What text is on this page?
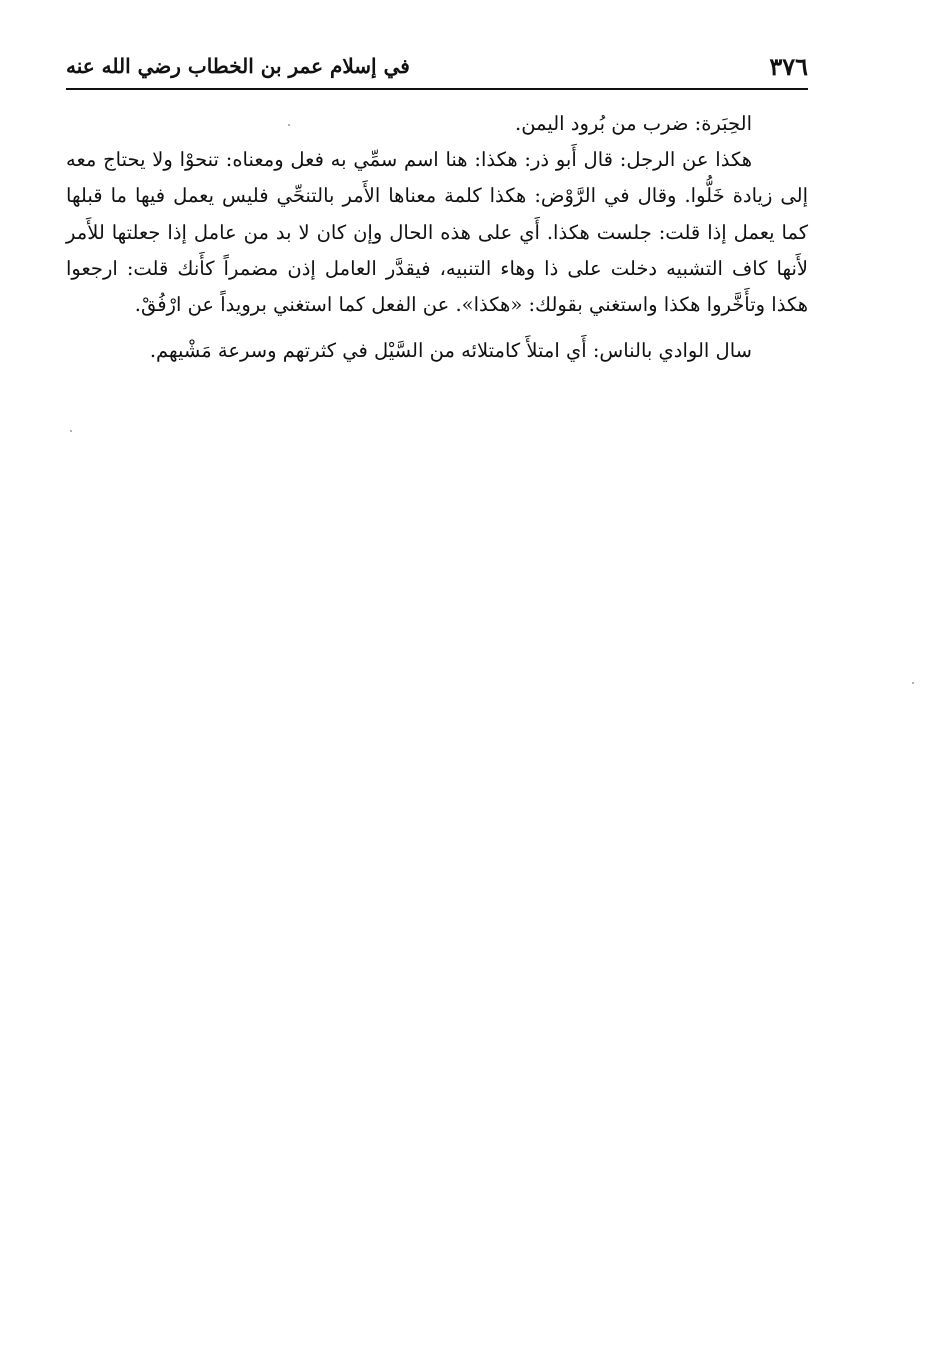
٣٧٦
في إسلام عمر بن الخطاب رضي الله عنه

الحِبَرة: ضرب من بُرود اليمن.

هكذا عن الرجل: قال أَبو ذر: هكذا: هنا اسم سمِّي به فعل ومعناه: تنحوْا ولا يحتاج معه إلى زيادة خَلُّوا. وقال في الرَّوْض: هكذا كلمة معناها الأَمر بالتنحِّي فليس يعمل فيها ما قبلها كما يعمل إذا قلت: جلست هكذا. أَي على هذه الحال وإن كان لا بد من عامل إذا جعلتها للأَمر لأَنها كاف التشبيه دخلت على ذا وهاء التنبيه، فيقدَّر العامل إذن مضمراً كأَنك قلت: ارجعوا هكذا وتأَخَّروا هكذا واستغني بقولك: «هكذا». عن الفعل كما استغني برويداً عن ارْفُقْ.

سال الوادي بالناس: أَي امتلأَ كامتلائه من السَّيْل في كثرتهم وسرعة مَشْيهم.
